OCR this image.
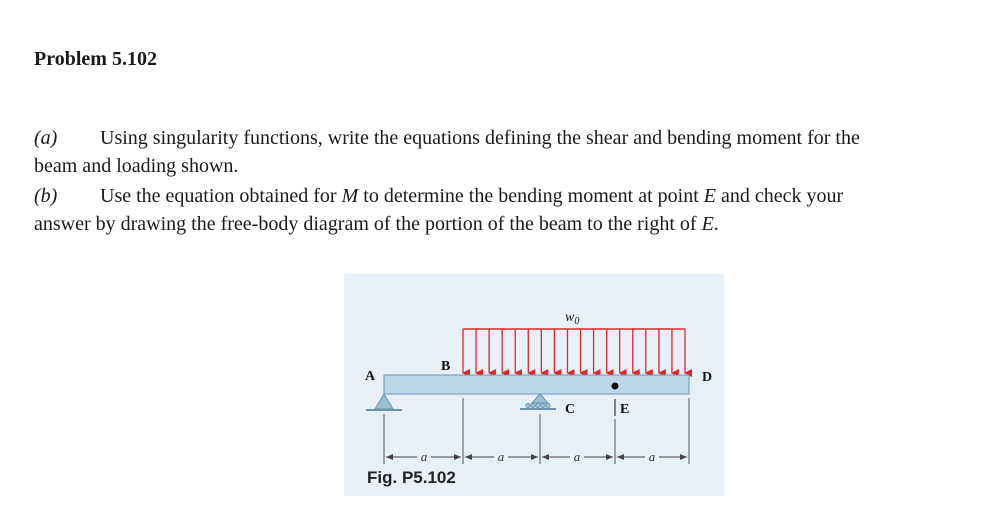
Problem 5.102
(a) Using singularity functions, write the equations defining the shear and bending moment for the
beam and loading shown.
(b) Use the equation obtained for M to determine the bending moment at point E and check your
answer by drawing the free-body diagram of the portion of the beam to the right of E.
$w_0$
A
B
C
D
E
a	a	a	a
Fig. P5.102
